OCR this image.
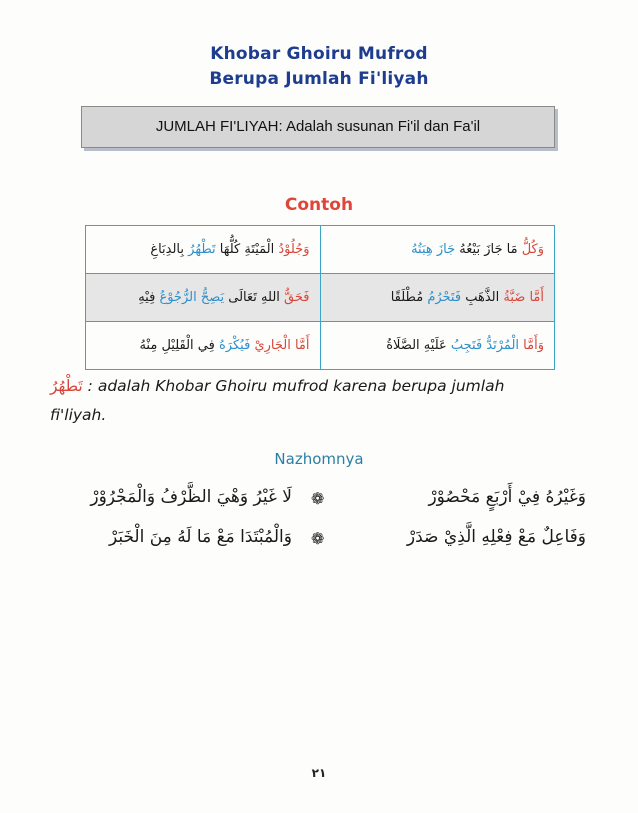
Khobar Ghoiru Mufrod
Berupa Jumlah Fi'liyah
JUMLAH FI'LIYAH: Adalah susunan Fi'il dan Fa'il
Contoh
وَجُلُوْدُ الْمَيْتَةِ كُلُّهَا تَطْهُرُ بِالدِبَاغِ	وَكُلُّ مَا جَازَ بَيْعُهُ جَازَ هِبَتُهُ
فَحَقُّ اللهِ تَعَالَى يَصِحُّ الرُّجُوْعُ فِيْهِ	أَمَّا ضَبَّةُ الذَّهَبِ فَتَحْرُمُ مُطْلَقًا
أَمَّا الْجَارِيْ فَيُكْرَهُ فِي الْقَلِيْلِ مِنْهُ	وَأَمَّا الْمُرْتَدُّ فَتَجِبُ عَلَيْهِ الصَّلَاةُ
تَطْهُرُ : adalah Khobar Ghoiru mufrod karena berupa jumlah
fi'liyah.
Nazhomnya
وَغَيْرُهُ فِيْ أَرْبَعٍ مَحْصُوْرْ
❁
لَا غَيْرُ وَهْيَ الظَّرْفُ وَالْمَجْرُوْرْ
وَفَاعِلٌ مَعْ فِعْلِهِ الَّذِيْ صَدَرْ
❁
وَالْمُبْتَدَا مَعْ مَا لَهُ مِنَ الْخَبَرْ
٢١
